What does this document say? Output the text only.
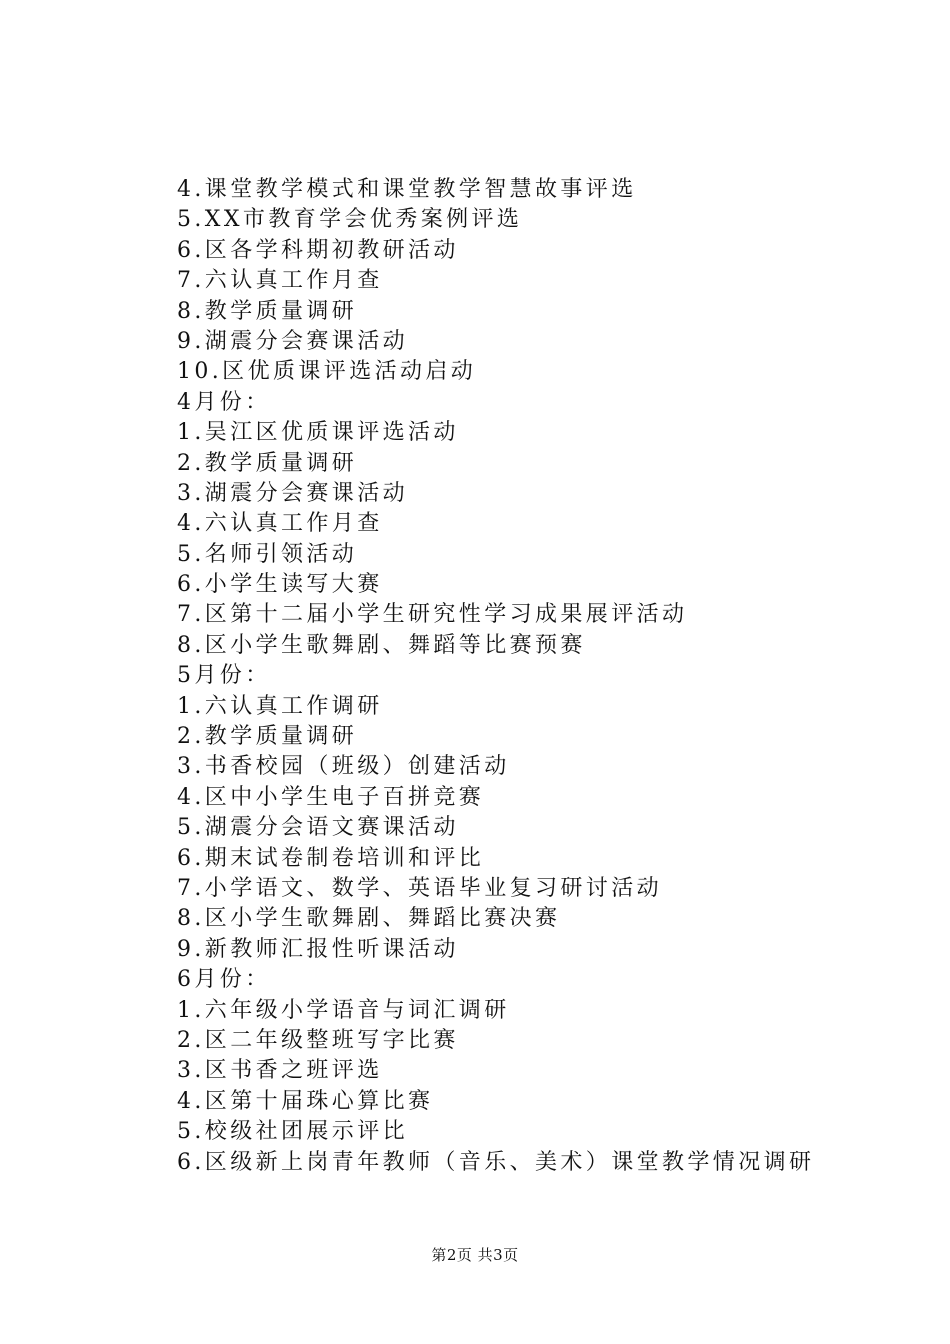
4.课堂教学模式和课堂教学智慧故事评选
5.XX市教育学会优秀案例评选
6.区各学科期初教研活动
7.六认真工作月查
8.教学质量调研
9.湖震分会赛课活动
10.区优质课评选活动启动
4月份：
1.吴江区优质课评选活动
2.教学质量调研
3.湖震分会赛课活动
4.六认真工作月查
5.名师引领活动
6.小学生读写大赛
7.区第十二届小学生研究性学习成果展评活动
8.区小学生歌舞剧、舞蹈等比赛预赛
5月份：
1.六认真工作调研
2.教学质量调研
3.书香校园（班级）创建活动
4.区中小学生电子百拼竞赛
5.湖震分会语文赛课活动
6.期末试卷制卷培训和评比
7.小学语文、数学、英语毕业复习研讨活动
8.区小学生歌舞剧、舞蹈比赛决赛
9.新教师汇报性听课活动
6月份：
1.六年级小学语音与词汇调研
2.区二年级整班写字比赛
3.区书香之班评选
4.区第十届珠心算比赛
5.校级社团展示评比
6.区级新上岗青年教师（音乐、美术）课堂教学情况调研
第2页 共3页
